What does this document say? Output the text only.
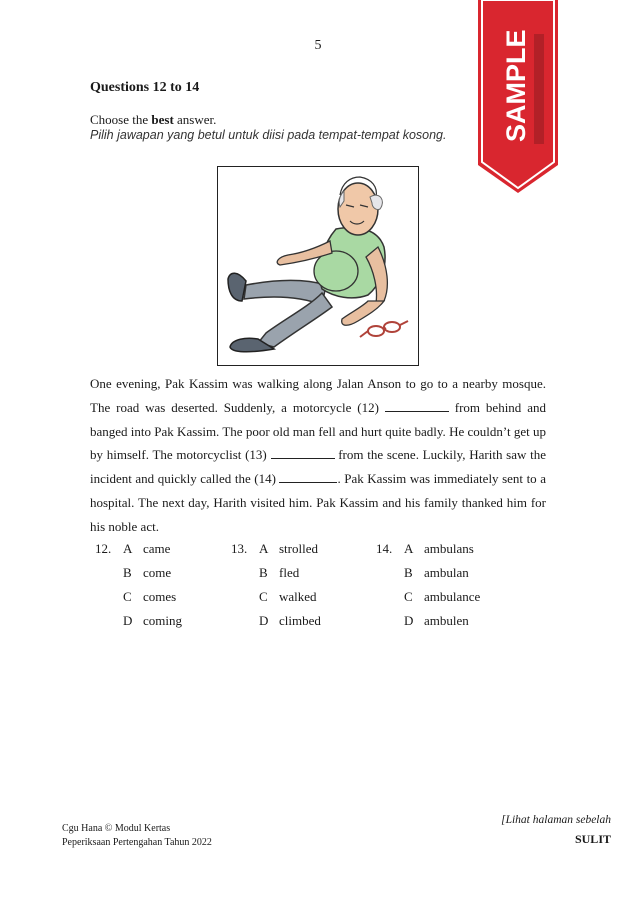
5	SAMPLE
Questions 12 to 14
Choose the best answer.
Pilih jawapan yang betul untuk diisi pada tempat-tempat kosong.
One evening, Pak Kassim was walking along Jalan Anson to go to a nearby mosque. The road was deserted. Suddenly, a motorcycle (12)	from behind and banged into Pak Kassim. The poor old man fell and hurt quite badly. He couldn’t get up by himself. The motorcyclist (13)	from the scene. Luckily, Harith saw the incident and quickly called the (14)	. Pak Kassim was immediately sent to a hospital. The next day, Harith visited him. Pak Kassim and his family thanked him for his noble act.
12. A came
B come
C comes
D coming
13. A strolled
B fled
C walked
D climbed
14. A ambulans
B ambulan
C ambulance
D ambulen
Cgu Hana © Modul Kertas
Peperiksaan Pertengahan Tahun 2022
[Lihat halaman sebelah
SULIT
